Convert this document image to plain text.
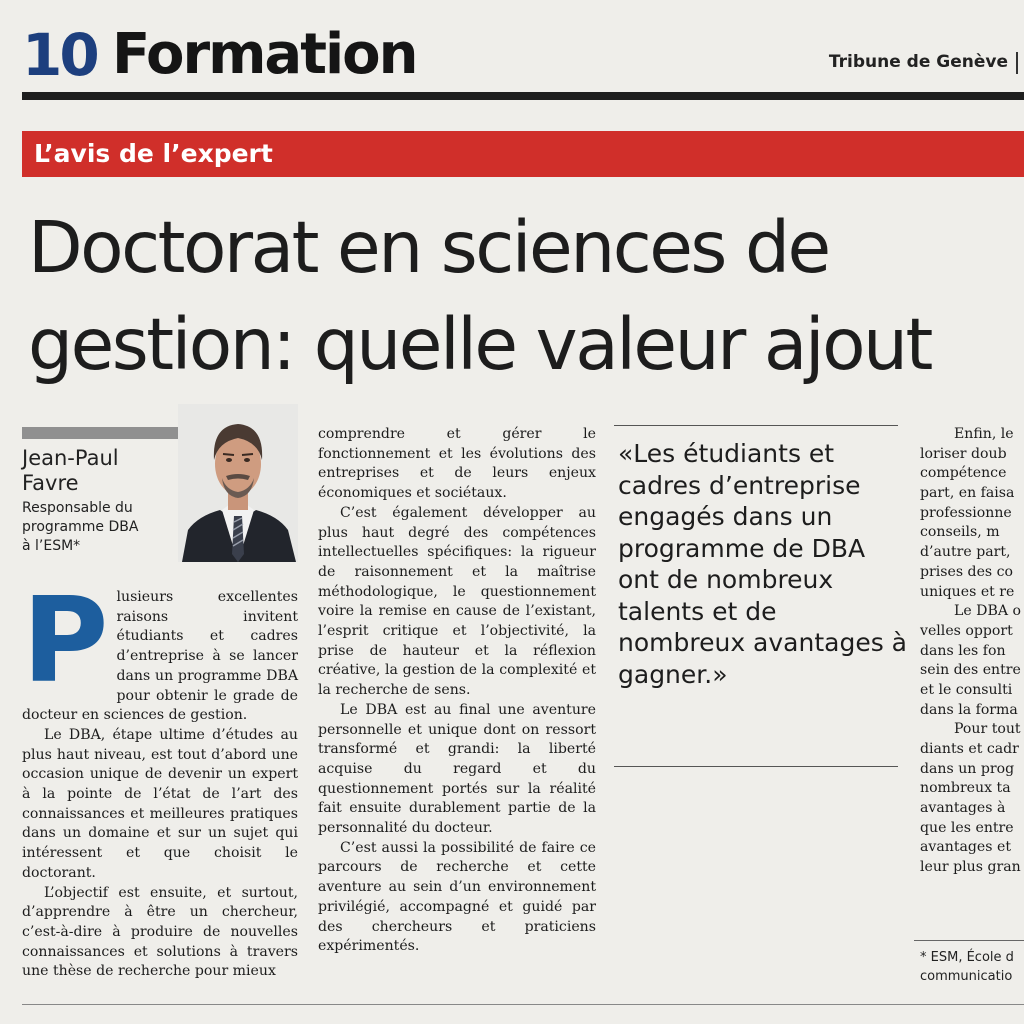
10 Formation	Tribune de Genève
L’avis de l’expert
Doctorat en sciences de
gestion: quelle valeur ajout
Jean-Paul
Favre
Responsable du
programme DBA
à l’ESM*

Plusieurs excellentes raisons invitent étudiants et cadres d’entreprise à se lancer dans un programme DBA pour obtenir le grade de docteur en sciences de gestion.

Le DBA, étape ultime d’études au plus haut niveau, est tout d’abord une occasion unique de devenir un expert à la pointe de l’état de l’art des connaissances et meilleures pratiques dans un domaine et sur un sujet qui intéressent et que choisit le doctorant.

L’objectif est ensuite, et surtout, d’apprendre à être un chercheur, c’est-à-dire à produire de nouvelles connaissances et solutions à travers une thèse de recherche pour mieux

comprendre et gérer le fonctionnement et les évolutions des entreprises et de leurs enjeux économiques et sociétaux.

C’est également développer au plus haut degré des compétences intellectuelles spécifiques: la rigueur de raisonnement et la maîtrise méthodologique, le questionnement voire la remise en cause de l’existant, l’esprit critique et l’objectivité, la prise de hauteur et la réflexion créative, la gestion de la complexité et la recherche de sens.

Le DBA est au final une aventure personnelle et unique dont on ressort transformé et grandi: la liberté acquise du regard et du questionnement portés sur la réalité fait ensuite durablement partie de la personnalité du docteur.

C’est aussi la possibilité de faire ce parcours de recherche et cette aventure au sein d’un environnement privilégié, accompagné et guidé par des chercheurs et praticiens expérimentés.

«Les étudiants et cadres d’entreprise engagés dans un programme de DBA ont de nombreux talents et de nombreux avantages à gagner.»
Enfin, le
loriser doub
compétence
part, en faisa
professionne
conseils, m
d’autre part,
prises des co
uniques et re
Le DBA o
velles opport
dans les fon
sein des entre
et le consulti
dans la forma
Pour tout
diants et cadr
dans un prog
nombreux ta
avantages à
que les entre
avantages et
leur plus gran
* ESM, École d
communicatio
